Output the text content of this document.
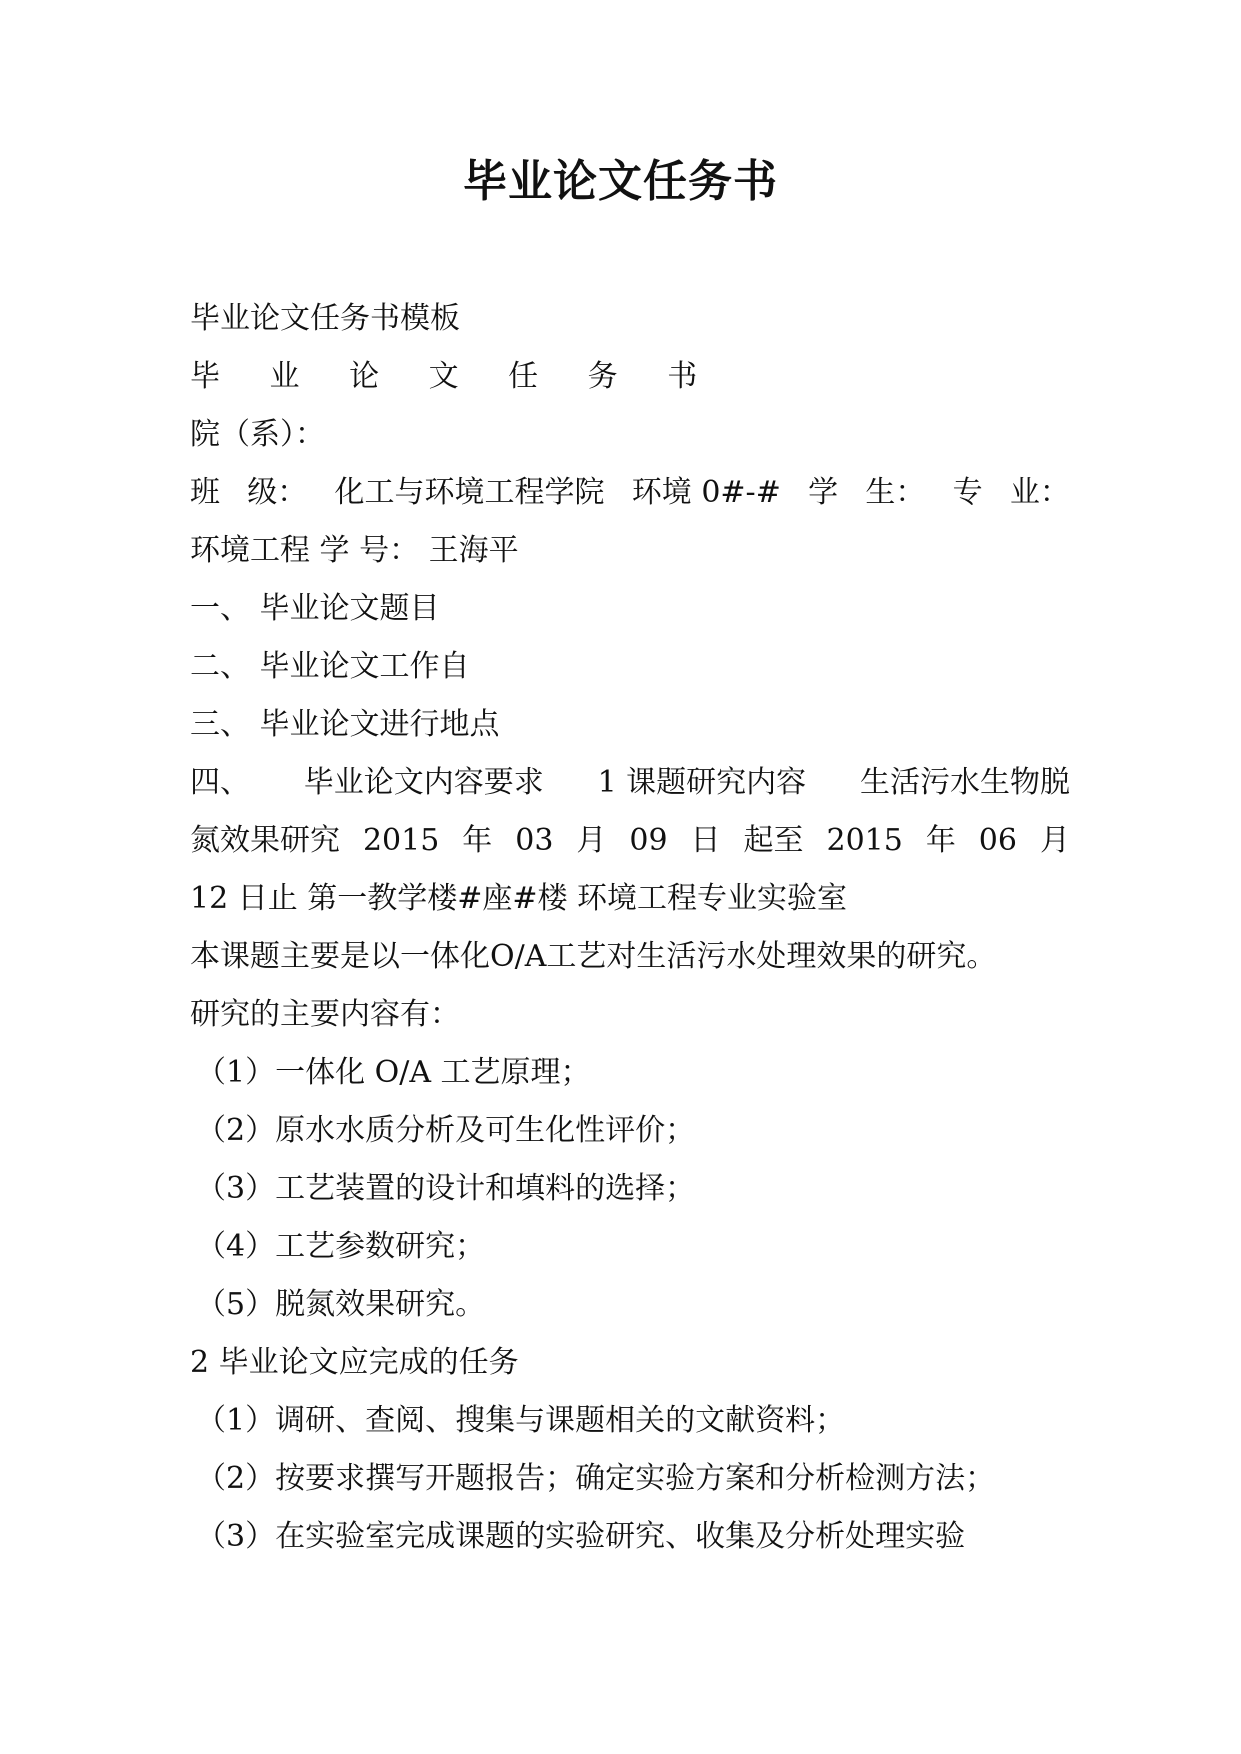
毕业论文任务书
毕业论文任务书模板
毕 业 论 文 任 务 书
院（系）：
班 级： 化工与环境工程学院 环境 0#-# 学 生： 专 业：
环境工程 学 号： 王海平
一、 毕业论文题目
二、 毕业论文工作自
三、 毕业论文进行地点
四、 毕业论文内容要求 1 课题研究内容 生活污水生物脱
氮效果研究 2015 年 03 月 09 日 起至 2015 年 06 月
12 日止 第一教学楼#座#楼 环境工程专业实验室
本课题主要是以一体化O/A工艺对生活污水处理效果的研究。
研究的主要内容有：
（1）一体化 O/A 工艺原理；
（2）原水水质分析及可生化性评价；
（3）工艺装置的设计和填料的选择；
（4）工艺参数研究；
（5）脱氮效果研究。
2 毕业论文应完成的任务
（1）调研、查阅、搜集与课题相关的文献资料；
（2）按要求撰写开题报告；确定实验方案和分析检测方法；
（3）在实验室完成课题的实验研究、收集及分析处理实验
